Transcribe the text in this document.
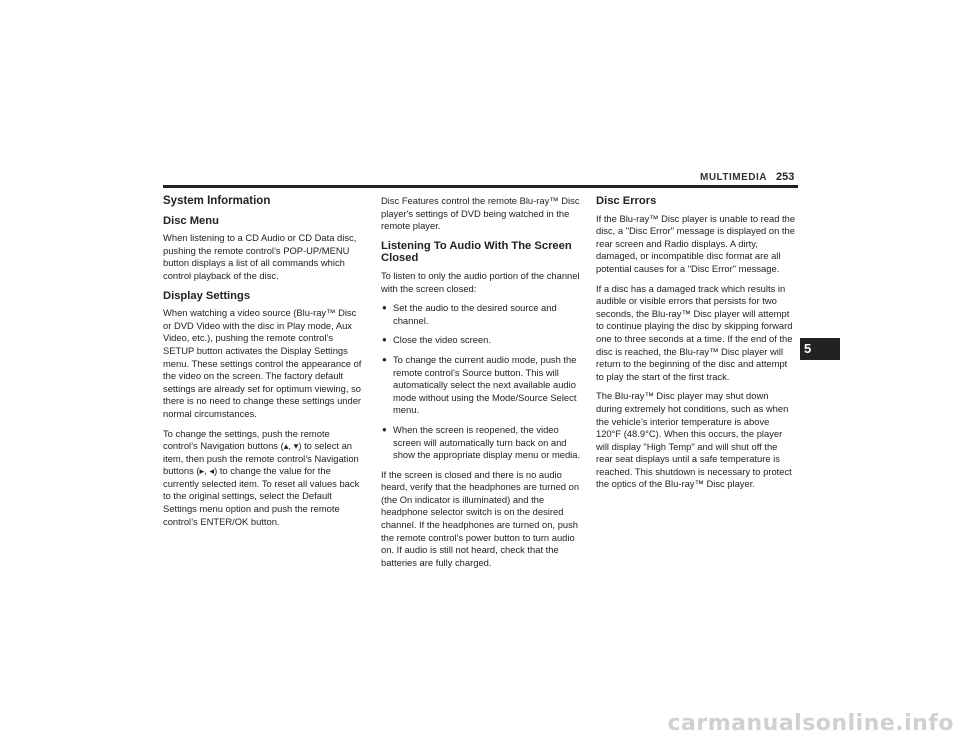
MULTIMEDIA 253
5
System Information
Disc Menu

When listening to a CD Audio or CD Data disc, pushing the remote control’s POP-UP/MENU button displays a list of all commands which control playback of the disc.

Display Settings

When watching a video source (Blu-ray™ Disc or DVD Video with the disc in Play mode, Aux Video, etc.), pushing the remote control’s SETUP button activates the Display Settings menu. These settings control the appearance of the video on the screen. The factory default settings are already set for optimum viewing, so there is no need to change these settings under normal circumstances.

To change the settings, push the remote control’s Navigation buttons (▴, ▾) to select an item, then push the remote control’s Navigation buttons (▸, ◂) to change the value for the currently selected item. To reset all values back to the original settings, select the Default Settings menu option and push the remote control’s ENTER/OK button.

Disc Features control the remote Blu-ray™ Disc player's settings of DVD being watched in the remote player.

Listening To Audio With The Screen Closed

To listen to only the audio portion of the channel with the screen closed:

● Set the audio to the desired source and channel.
● Close the video screen.
● To change the current audio mode, push the remote control’s Source button. This will automatically select the next available audio mode without using the Mode/Source Select menu.
● When the screen is reopened, the video screen will automatically turn back on and show the appropriate display menu or media.

If the screen is closed and there is no audio heard, verify that the headphones are turned on (the On indicator is illuminated) and the headphone selector switch is on the desired channel. If the headphones are turned on, push the remote control’s power button to turn audio on. If audio is still not heard, check that the batteries are fully charged.

Disc Errors

If the Blu-ray™ Disc player is unable to read the disc, a "Disc Error" message is displayed on the rear screen and Radio displays. A dirty, damaged, or incompatible disc format are all potential causes for a "Disc Error" message.

If a disc has a damaged track which results in audible or visible errors that persists for two seconds, the Blu-ray™ Disc player will attempt to continue playing the disc by skipping forward one to three seconds at a time. If the end of the disc is reached, the Blu-ray™ Disc player will return to the beginning of the disc and attempt to play the start of the first track.

The Blu-ray™ Disc player may shut down during extremely hot conditions, such as when the vehicle’s interior temperature is above 120°F (48.9°C). When this occurs, the player will display "High Temp" and will shut off the rear seat displays until a safe temperature is reached. This shutdown is necessary to protect the optics of the Blu-ray™ Disc player.

carmanualsonline.info
